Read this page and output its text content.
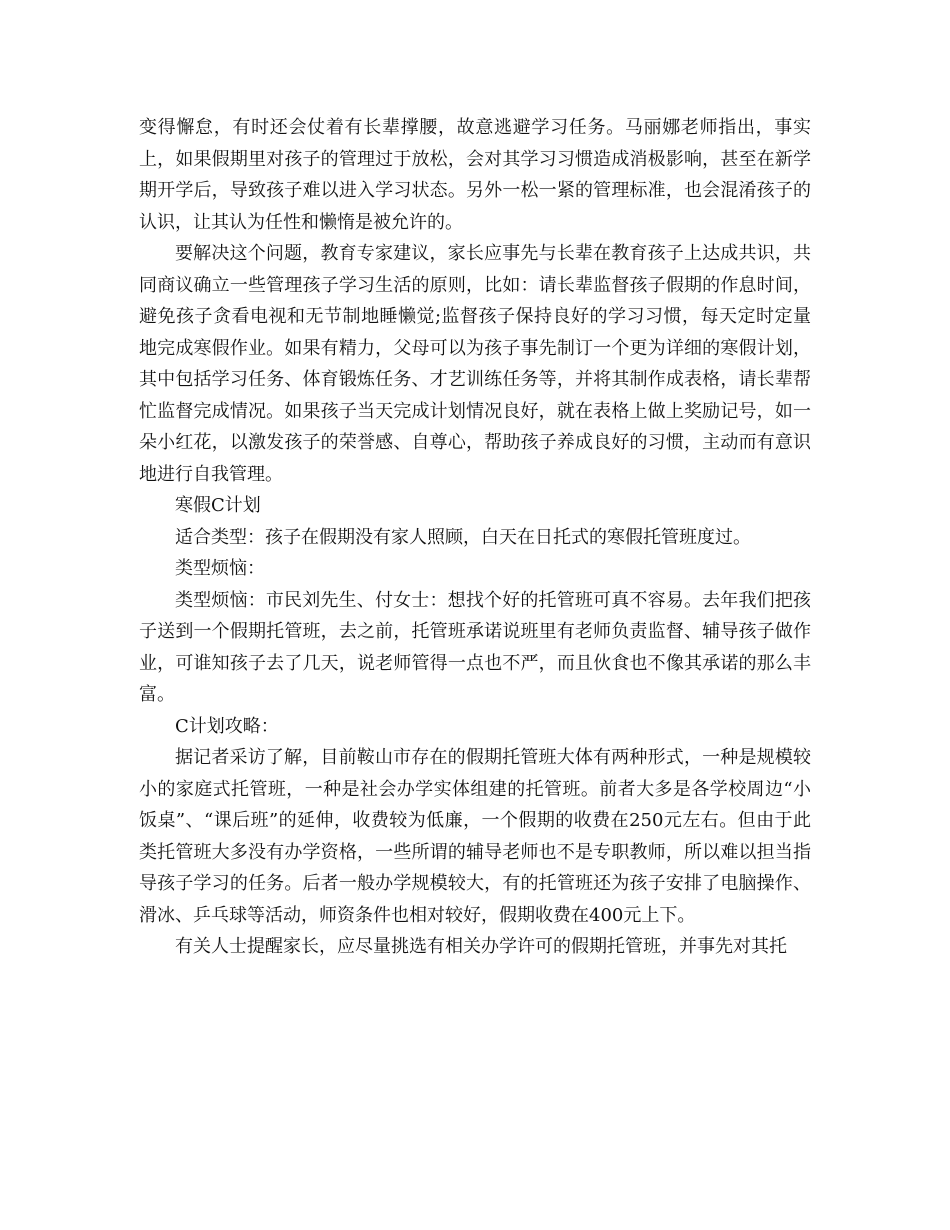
变得懈怠，有时还会仗着有长辈撑腰，故意逃避学习任务。马丽娜老师指出，事实上，如果假期里对孩子的管理过于放松，会对其学习习惯造成消极影响，甚至在新学期开学后，导致孩子难以进入学习状态。另外一松一紧的管理标准，也会混淆孩子的认识，让其认为任性和懒惰是被允许的。

要解决这个问题，教育专家建议，家长应事先与长辈在教育孩子上达成共识，共同商议确立一些管理孩子学习生活的原则，比如：请长辈监督孩子假期的作息时间，避免孩子贪看电视和无节制地睡懒觉;监督孩子保持良好的学习习惯，每天定时定量地完成寒假作业。如果有精力，父母可以为孩子事先制订一个更为详细的寒假计划，其中包括学习任务、体育锻炼任务、才艺训练任务等，并将其制作成表格，请长辈帮忙监督完成情况。如果孩子当天完成计划情况良好，就在表格上做上奖励记号，如一朵小红花，以激发孩子的荣誉感、自尊心，帮助孩子养成良好的习惯，主动而有意识地进行自我管理。

寒假C计划

适合类型：孩子在假期没有家人照顾，白天在日托式的寒假托管班度过。

类型烦恼：

类型烦恼：市民刘先生、付女士：想找个好的托管班可真不容易。去年我们把孩子送到一个假期托管班，去之前，托管班承诺说班里有老师负责监督、辅导孩子做作业，可谁知孩子去了几天，说老师管得一点也不严，而且伙食也不像其承诺的那么丰富。

C计划攻略：

据记者采访了解，目前鞍山市存在的假期托管班大体有两种形式，一种是规模较小的家庭式托管班，一种是社会办学实体组建的托管班。前者大多是各学校周边“小饭桌”、“课后班”的延伸，收费较为低廉，一个假期的收费在250元左右。但由于此类托管班大多没有办学资格，一些所谓的辅导老师也不是专职教师，所以难以担当指导孩子学习的任务。后者一般办学规模较大，有的托管班还为孩子安排了电脑操作、滑冰、乒乓球等活动，师资条件也相对较好，假期收费在400元上下。

有关人士提醒家长，应尽量挑选有相关办学许可的假期托管班，并事先对其托
